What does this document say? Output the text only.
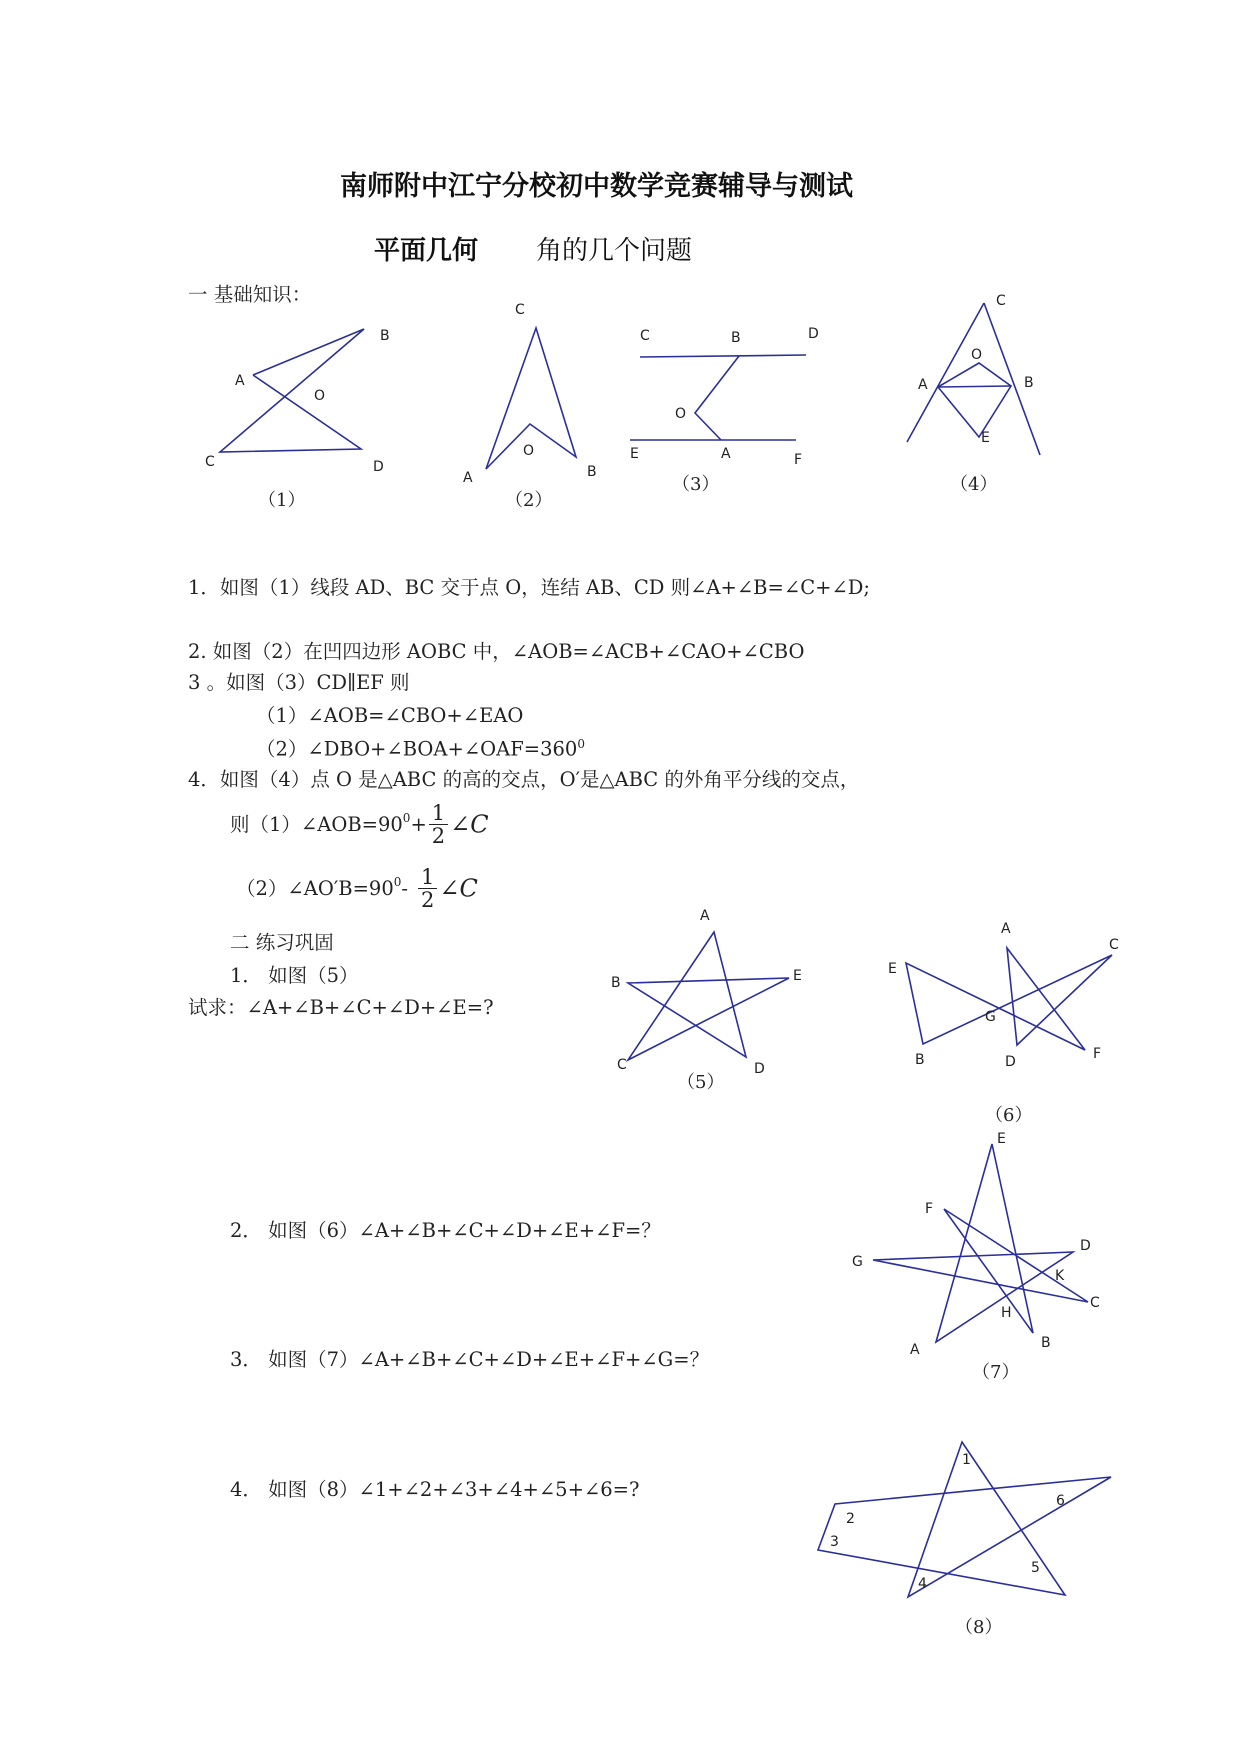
南师附中江宁分校初中数学竞赛辅导与测试
平面几何 角的几个问题
一 基础知识：
B
A
O
C	D
（1）
C
O
A	B
（2）
C	B	D
O
E	A	F
（3）
C
O
A	B
E
（4）
1．如图（1）线段 AD、BC 交于点 O，连结 AB、CD 则∠A+∠B=∠C+∠D;
2. 如图（2）在凹四边形 AOBC 中，∠AOB=∠ACB+∠CAO+∠CBO
3 。如图（3）CD∥EF 则
（1）∠AOB=∠CBO+∠EAO
$(2)\angle DBO+\angle BOA+\angle OAF=360^0$
4．如图（4）点 O 是△ABC 的高的交点，O′是△ABC 的外角平分线的交点，
则$(1)\angle AOB=90^0+ \frac{1}{2}$ ∠C
$(2)\angle AO'B=90^0- \frac{1}{2}$ ∠C
二 练习巩固
1． 如图（5）
试求：∠A+∠B+∠C+∠D+∠E=?
A
B	E
C	D
（5）
A
C
E
G
B	D	F
（6）
2． 如图（6）∠A+∠B+∠C+∠D+∠E+∠F=？
E
F
D
G
K
C
H
B
A
（7）
3． 如图（7）∠A+∠B+∠C+∠D+∠E+∠F+∠G=？
1
6
2
3
5
4
（8）
4． 如图（8）∠1+∠2+∠3+∠4+∠5+∠6=?
